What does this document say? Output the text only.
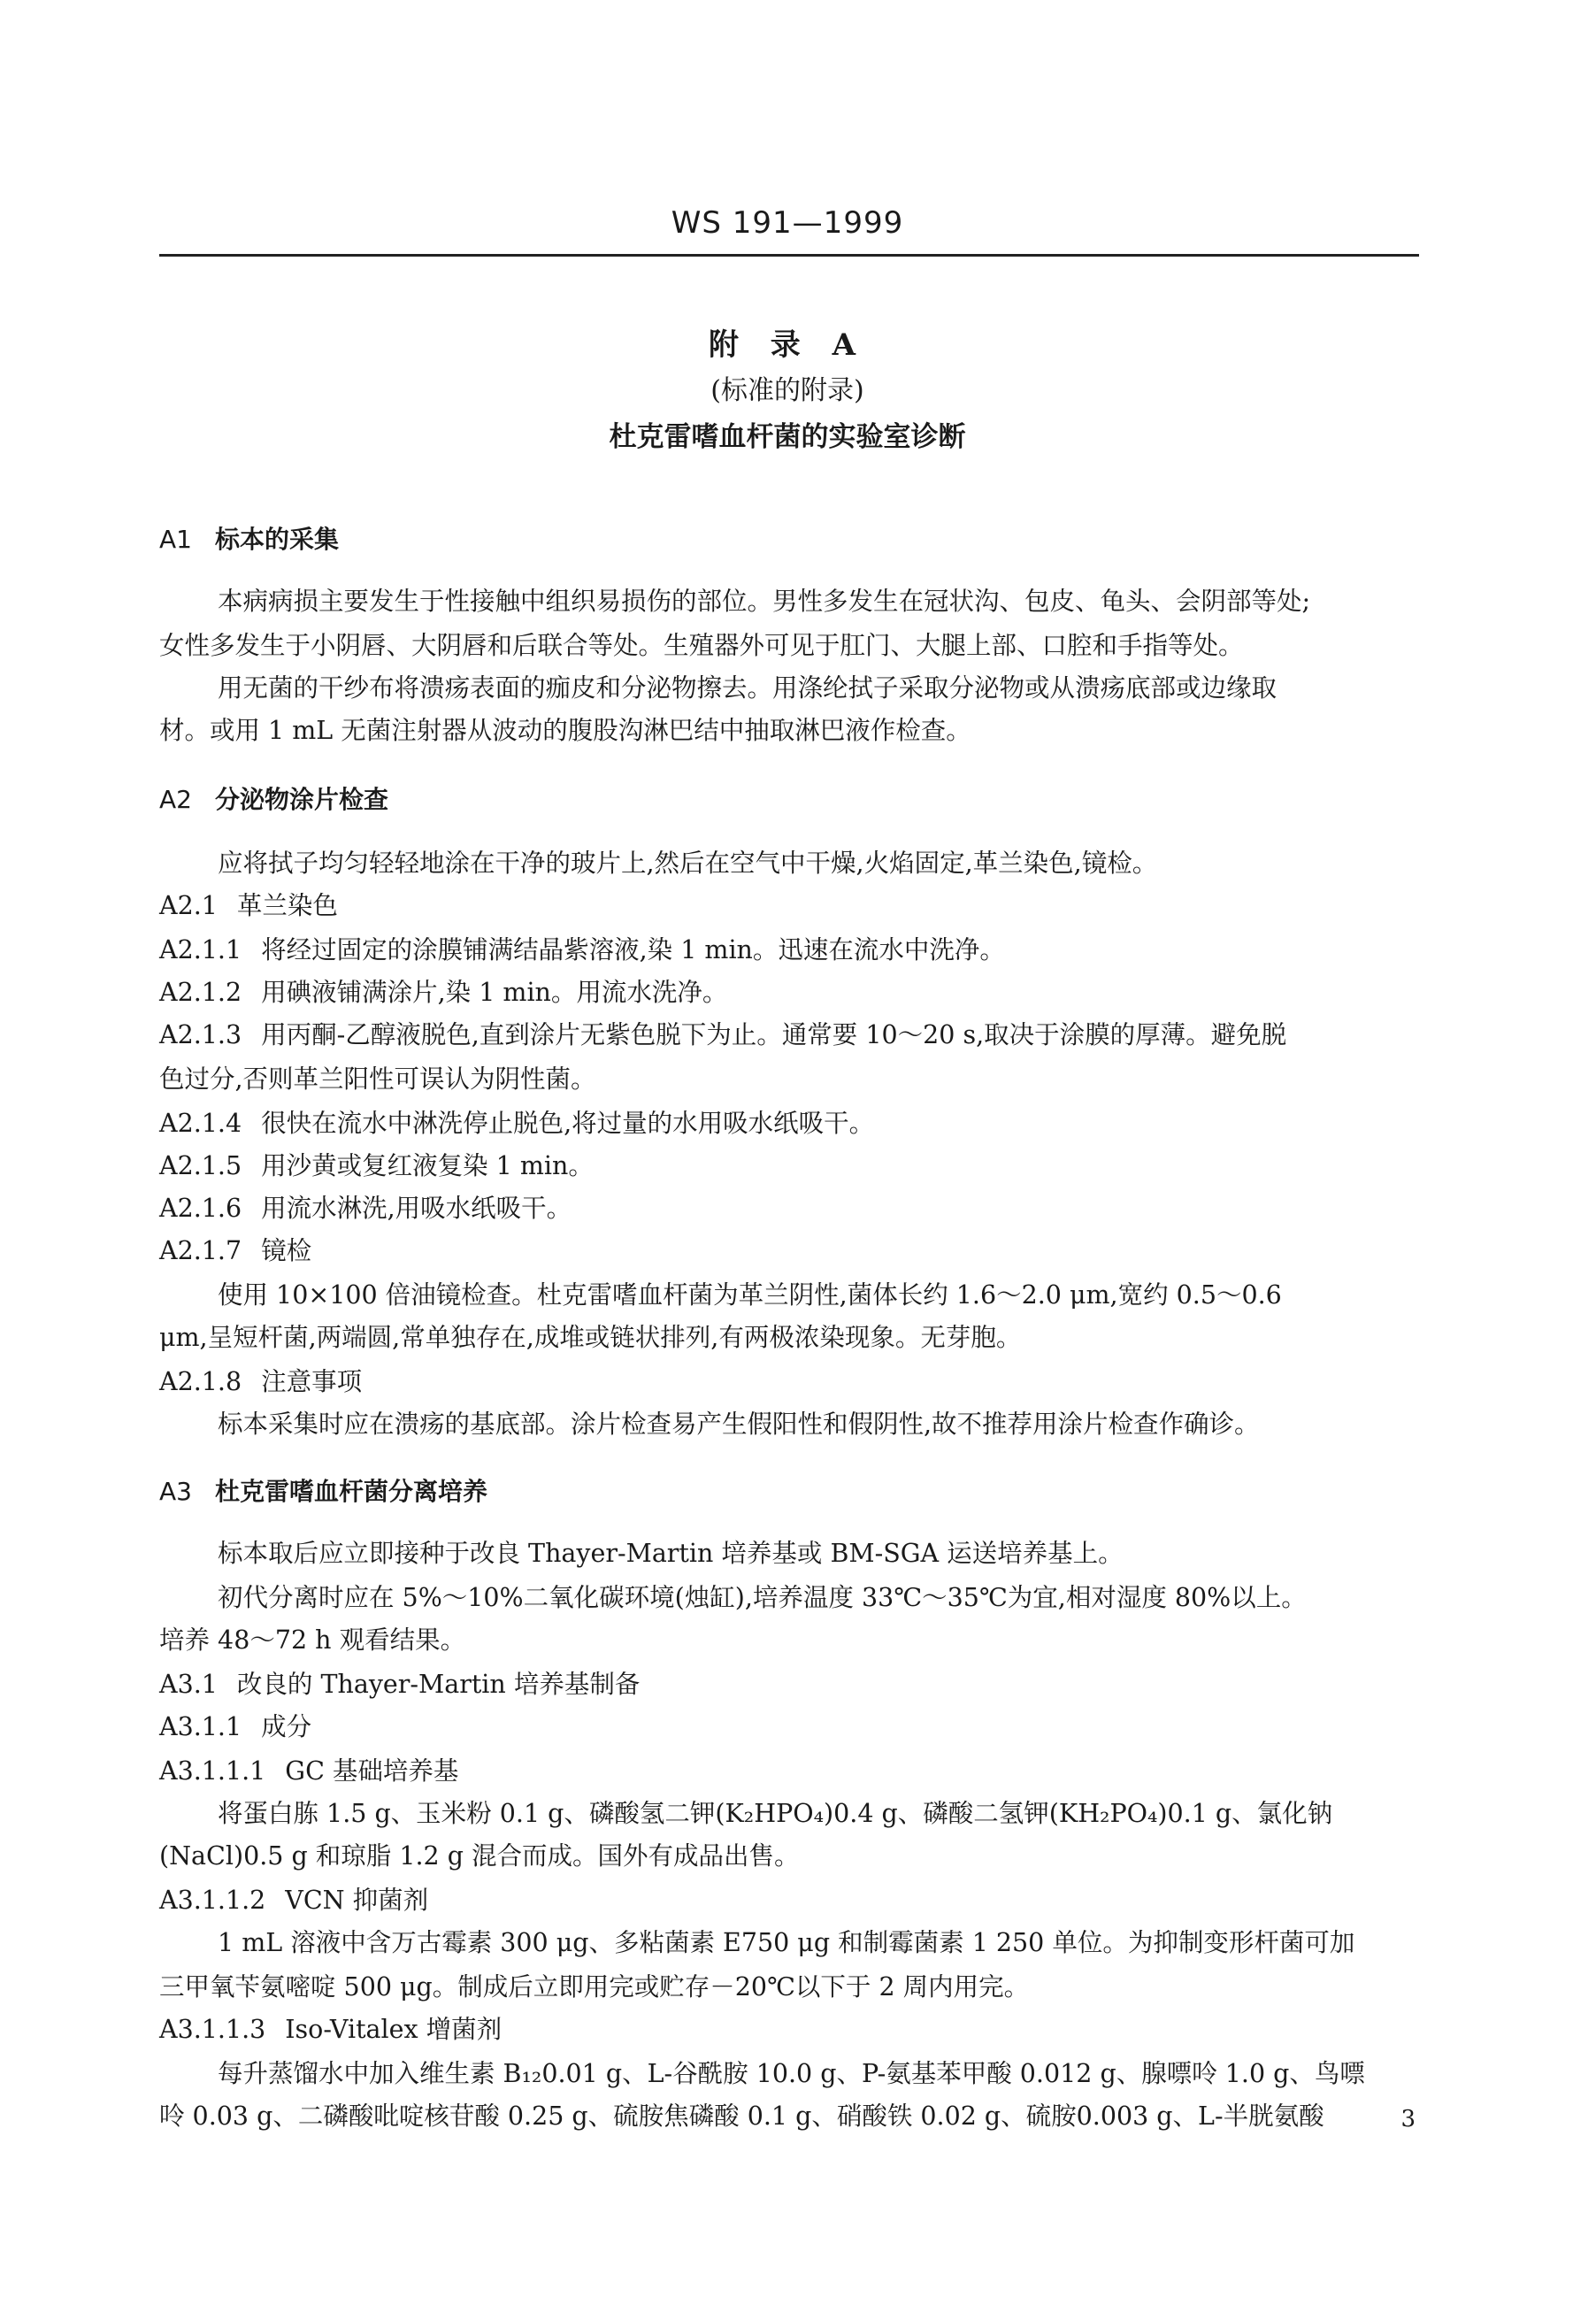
WS 191—1999
附 录 A
(标准的附录)
杜克雷嗜血杆菌的实验室诊断
A1 标本的采集
本病病损主要发生于性接触中组织易损伤的部位。男性多发生在冠状沟、包皮、龟头、会阴部等处;
女性多发生于小阴唇、大阴唇和后联合等处。生殖器外可见于肛门、大腿上部、口腔和手指等处。
用无菌的干纱布将溃疡表面的痂皮和分泌物擦去。用涤纶拭子采取分泌物或从溃疡底部或边缘取
材。或用 1 mL 无菌注射器从波动的腹股沟淋巴结中抽取淋巴液作检查。
A2 分泌物涂片检查
应将拭子均匀轻轻地涂在干净的玻片上,然后在空气中干燥,火焰固定,革兰染色,镜检。
A2.1 革兰染色
A2.1.1 将经过固定的涂膜铺满结晶紫溶液,染 1 min。迅速在流水中洗净。
A2.1.2 用碘液铺满涂片,染 1 min。用流水洗净。
A2.1.3 用丙酮-乙醇液脱色,直到涂片无紫色脱下为止。通常要 10～20 s,取决于涂膜的厚薄。避免脱
色过分,否则革兰阳性可误认为阴性菌。
A2.1.4 很快在流水中淋洗停止脱色,将过量的水用吸水纸吸干。
A2.1.5 用沙黄或复红液复染 1 min。
A2.1.6 用流水淋洗,用吸水纸吸干。
A2.1.7 镜检
使用 10×100 倍油镜检查。杜克雷嗜血杆菌为革兰阴性,菌体长约 1.6～2.0 μm,宽约 0.5～0.6
μm,呈短杆菌,两端圆,常单独存在,成堆或链状排列,有两极浓染现象。无芽胞。
A2.1.8 注意事项
标本采集时应在溃疡的基底部。涂片检查易产生假阳性和假阴性,故不推荐用涂片检查作确诊。
A3 杜克雷嗜血杆菌分离培养
标本取后应立即接种于改良 Thayer-Martin 培养基或 BM-SGA 运送培养基上。
初代分离时应在 5%～10%二氧化碳环境(烛缸),培养温度 33℃～35℃为宜,相对湿度 80%以上。
培养 48～72 h 观看结果。
A3.1 改良的 Thayer-Martin 培养基制备
A3.1.1 成分
A3.1.1.1 GC 基础培养基
将蛋白胨 1.5 g、玉米粉 0.1 g、磷酸氢二钾(K₂HPO₄)0.4 g、磷酸二氢钾(KH₂PO₄)0.1 g、氯化钠
(NaCl)0.5 g 和琼脂 1.2 g 混合而成。国外有成品出售。
A3.1.1.2 VCN 抑菌剂
1 mL 溶液中含万古霉素 300 μg、多粘菌素 E750 μg 和制霉菌素 1 250 单位。为抑制变形杆菌可加
三甲氧苄氨嘧啶 500 μg。制成后立即用完或贮存－20℃以下于 2 周内用完。
A3.1.1.3 Iso-Vitalex 增菌剂
每升蒸馏水中加入维生素 B₁₂0.01 g、L-谷酰胺 10.0 g、P-氨基苯甲酸 0.012 g、腺嘌呤 1.0 g、鸟嘌
呤 0.03 g、二磷酸吡啶核苷酸 0.25 g、硫胺焦磷酸 0.1 g、硝酸铁 0.02 g、硫胺0.003 g、L-半胱氨酸	3
